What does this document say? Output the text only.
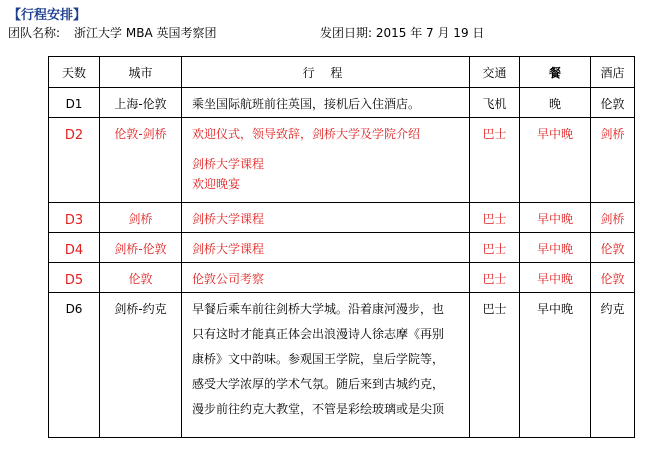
【行程安排】
团队名称: 浙江大学 MBA 英国考察团	发团日期: 2015 年 7 月 19 日
天数	城市	行 程	交通	餐	酒店

D1	上海-伦敦	乘坐国际航班前往英国，接机后入住酒店。	飞机	晚	伦敦

D2	伦敦-剑桥	欢迎仪式，领导致辞，剑桥大学及学院介绍
剑桥大学课程
欢迎晚宴	巴士	早中晚	剑桥

D3	剑桥	剑桥大学课程	巴士	早中晚	剑桥

D4	剑桥-伦敦	剑桥大学课程	巴士	早中晚	伦敦

D5	伦敦	伦敦公司考察	巴士	早中晚	伦敦

D6	剑桥-约克	早餐后乘车前往剑桥大学城。沿着康河漫步，也
只有这时才能真正体会出浪漫诗人徐志摩《再别
康桥》文中韵味。参观国王学院，皇后学院等，
感受大学浓厚的学术气氛。随后来到古城约克，
漫步前往约克大教堂，不管是彩绘玻璃或是尖顶	巴士	早中晚	约克
